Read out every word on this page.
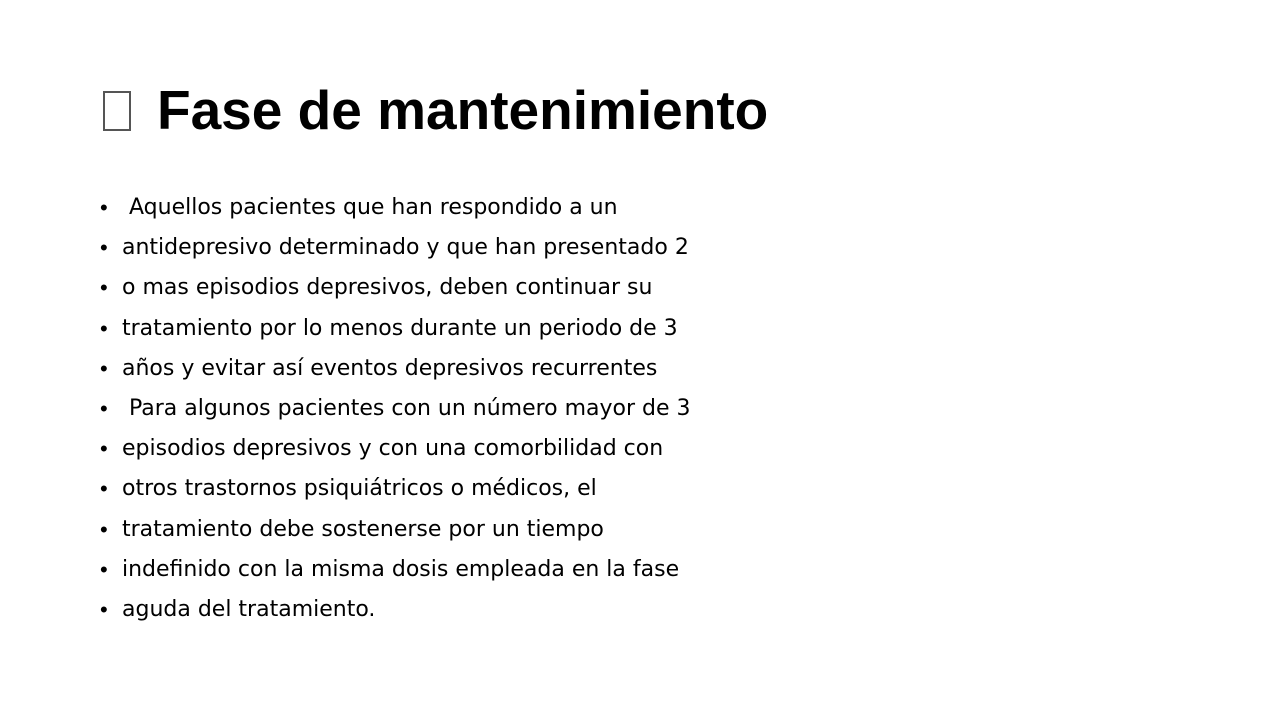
Fase de mantenimiento
• Aquellos pacientes que han respondido a un
• antidepresivo determinado y que han presentado 2
• o mas episodios depresivos, deben continuar su
• tratamiento por lo menos durante un periodo de 3
• años y evitar así eventos depresivos recurrentes
• Para algunos pacientes con un número mayor de 3
• episodios depresivos y con una comorbilidad con
• otros trastornos psiquiátricos o médicos, el
• tratamiento debe sostenerse por un tiempo
• indefinido con la misma dosis empleada en la fase
• aguda del tratamiento.
